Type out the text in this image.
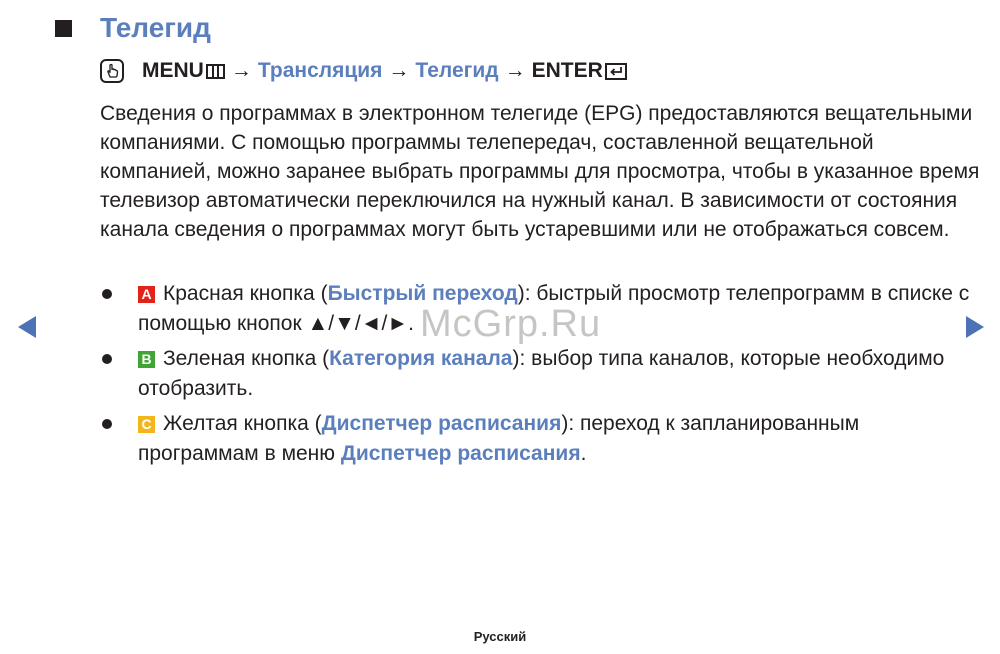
Телегид
MENU → Трансляция → Телегид → ENTER

Сведения о программах в электронном телегиде (EPG) предоставляются вещательными компаниями. С помощью программы телепередач, составленной вещательной компанией, можно заранее выбрать программы для просмотра, чтобы в указанное время телевизор автоматически переключился на нужный канал. В зависимости от состояния канала сведения о программах могут быть устаревшими или не отображаться совсем.

A Красная кнопка (Быстрый переход): быстрый просмотр телепрограмм в списке с помощью кнопок ▲/▼/◄/►.
B Зеленая кнопка (Категория канала): выбор типа каналов, которые необходимо отобразить.
C Желтая кнопка (Диспетчер расписания): переход к запланированным программам в меню Диспетчер расписания.
McGrp.Ru
Русский
